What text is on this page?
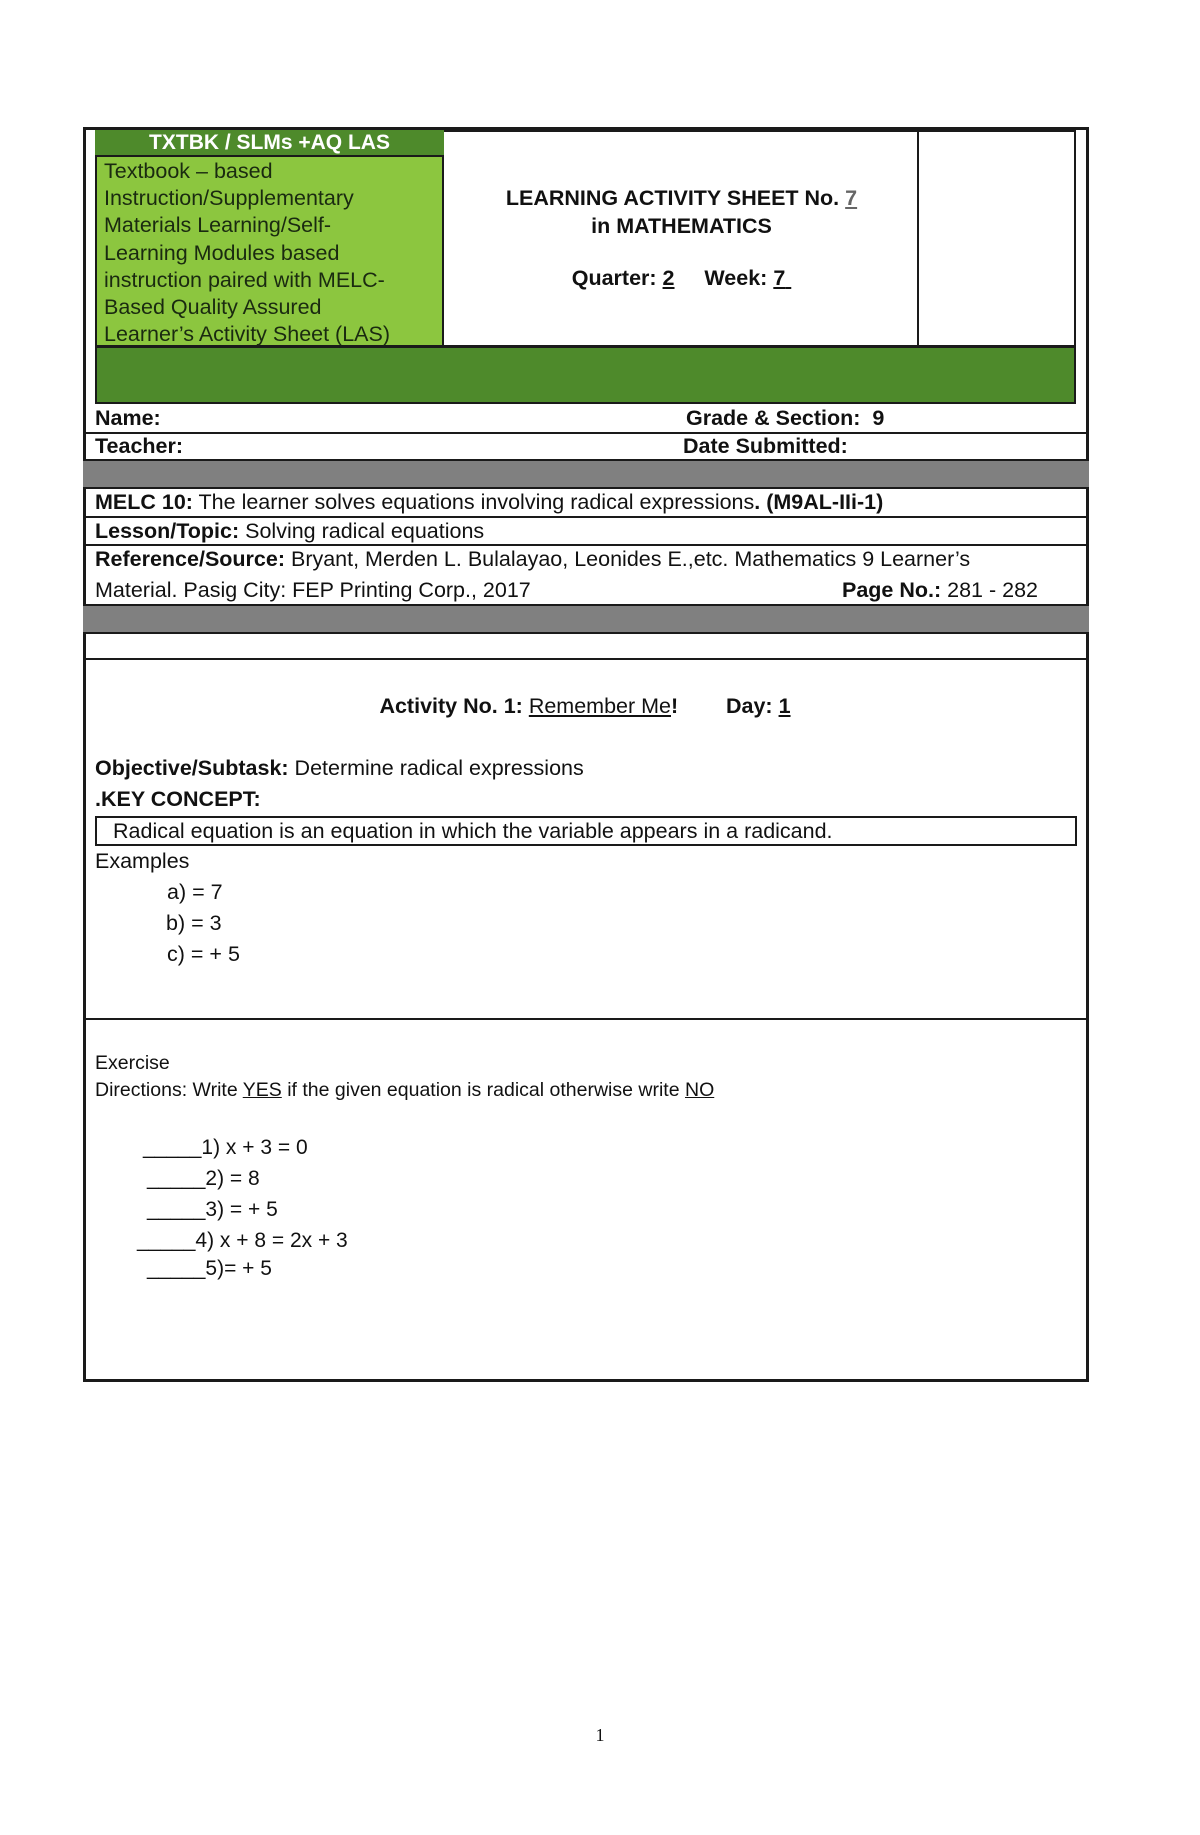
TXTBK / SLMs +AQ LAS
Textbook – based
Instruction/Supplementary
Materials Learning/Self-
Learning Modules based
instruction paired with MELC-
Based Quality Assured
Learner’s Activity Sheet (LAS)
LEARNING ACTIVITY SHEET No. 7
in MATHEMATICS
Quarter: 2 Week: 7
Name:	Grade & Section: 9
Teacher:	Date Submitted:
MELC 10: The learner solves equations involving radical expressions. (M9AL-IIi-1)
Lesson/Topic: Solving radical equations
Reference/Source: Bryant, Merden L. Bulalayao, Leonides E.,etc. Mathematics 9 Learner’s
Material. Pasig City: FEP Printing Corp., 2017	Page No.: 281 - 282
Activity No. 1: Remember Me! Day: 1
Objective/Subtask: Determine radical expressions
.KEY CONCEPT:
Radical equation is an equation in which the variable appears in a radicand.
Examples
a) = 7
b) = 3
c) = + 5
Exercise
Directions: Write YES if the given equation is radical otherwise write NO
_____1) x + 3 = 0
_____2) = 8
_____3) = + 5
_____4) x + 8 = 2x + 3
_____5)= + 5
1
